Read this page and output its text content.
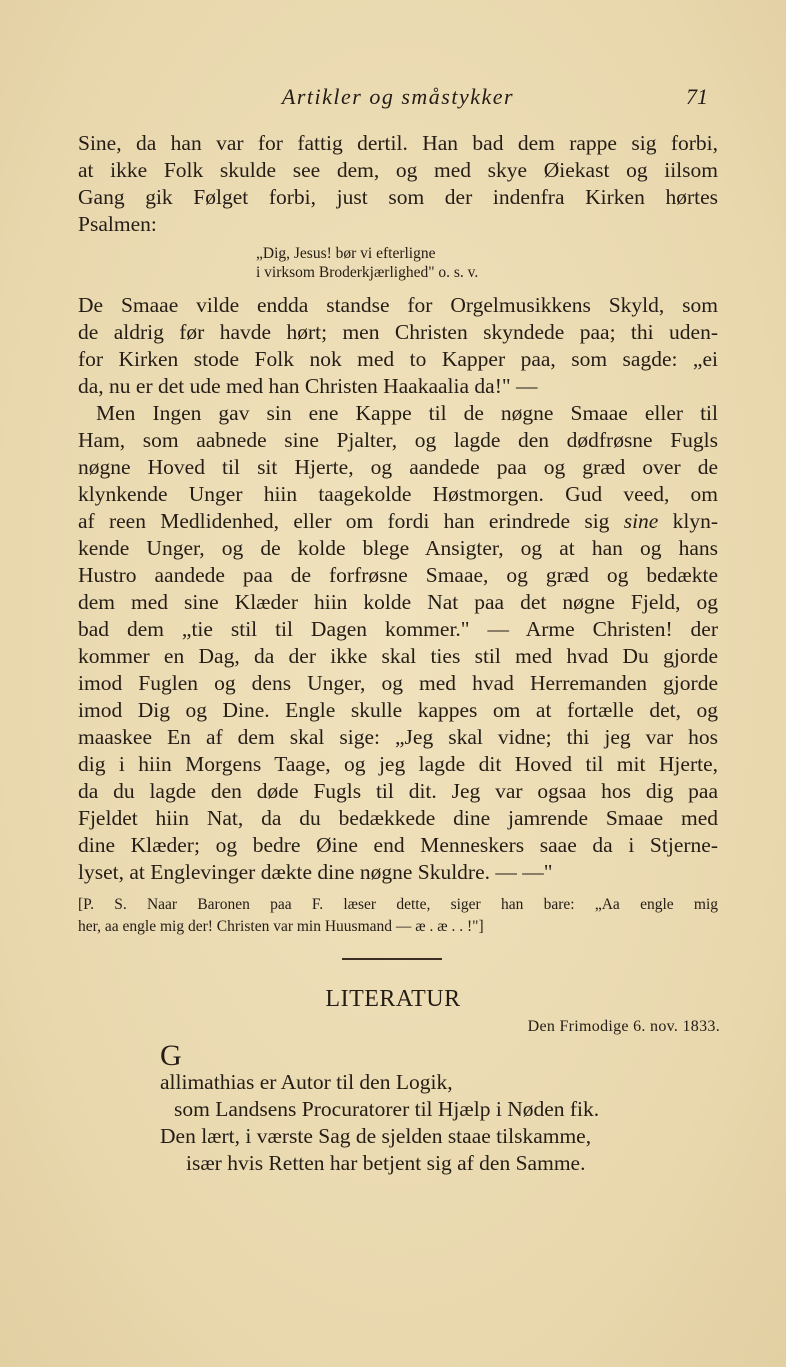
Artikler og småstykker	71
Sine, da han var for fattig dertil. Han bad dem rappe sig forbi,
at ikke Folk skulde see dem, og med skye Øiekast og iilsom
Gang gik Følget forbi, just som der indenfra Kirken hørtes
Psalmen:
„Dig, Jesus! bør vi efterligne
i virksom Broderkjærlighed" o. s. v.
De Smaae vilde endda standse for Orgelmusikkens Skyld, som
de aldrig før havde hørt; men Christen skyndede paa; thi uden-
for Kirken stode Folk nok med to Kapper paa, som sagde: „ei
da, nu er det ude med han Christen Haakaalia da!" —
Men Ingen gav sin ene Kappe til de nøgne Smaae eller til
Ham, som aabnede sine Pjalter, og lagde den dødfrøsne Fugls
nøgne Hoved til sit Hjerte, og aandede paa og græd over de
klynkende Unger hiin taagekolde Høstmorgen. Gud veed, om
af reen Medlidenhed, eller om fordi han erindrede sig sine klyn-
kende Unger, og de kolde blege Ansigter, og at han og hans
Hustro aandede paa de forfrøsne Smaae, og græd og bedækte
dem med sine Klæder hiin kolde Nat paa det nøgne Fjeld, og
bad dem „tie stil til Dagen kommer." — Arme Christen! der
kommer en Dag, da der ikke skal ties stil med hvad Du gjorde
imod Fuglen og dens Unger, og med hvad Herremanden gjorde
imod Dig og Dine. Engle skulle kappes om at fortælle det, og
maaskee En af dem skal sige: „Jeg skal vidne; thi jeg var hos
dig i hiin Morgens Taage, og jeg lagde dit Hoved til mit Hjerte,
da du lagde den døde Fugls til dit. Jeg var ogsaa hos dig paa
Fjeldet hiin Nat, da du bedækkede dine jamrende Smaae med
dine Klæder; og bedre Øine end Menneskers saae da i Stjerne-
lyset, at Englevinger dækte dine nøgne Skuldre. — —"
[P. S. Naar Baronen paa F. læser dette, siger han bare: „Aa engle mig
her, aa engle mig der! Christen var min Huusmand — æ . æ . . !"]
LITERATUR
Den Frimodige 6. nov. 1833.
G
allimathias er Autor til den Logik,
som Landsens Procuratorer til Hjælp i Nøden fik.
Den lært, i værste Sag de sjelden staae tilskamme,
især hvis Retten har betjent sig af den Samme.
